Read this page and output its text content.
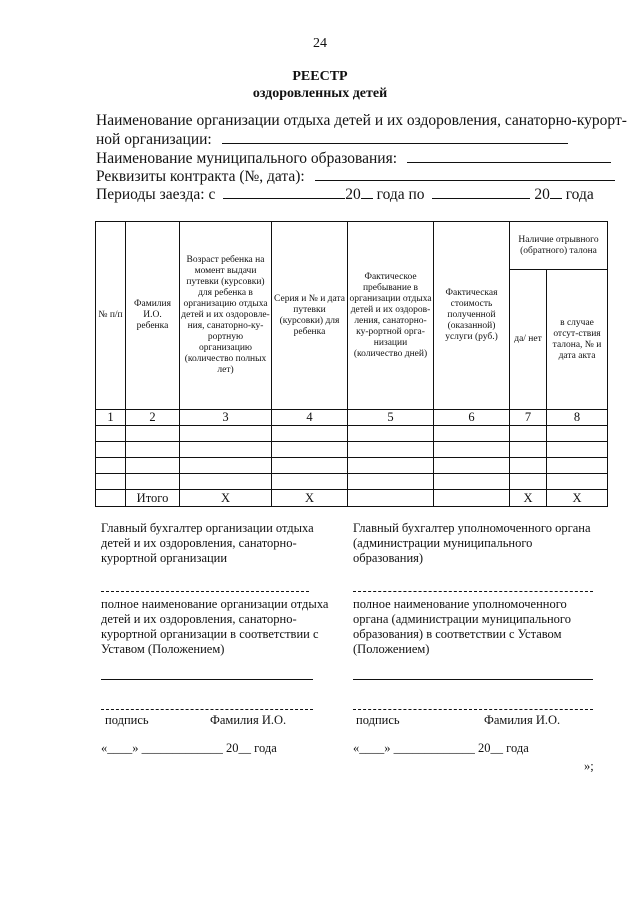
24
РЕЕСТР
оздоровленных детей
Наименование организации отдыха детей и их оздоровления, санаторно-курорт-
ной организации:
Наименование муниципального образования:
Реквизиты контракта (№, дата):
Периоды заезда: с	20 года по	20 года
№ п/п	Фамилия И.О. ребенка	Возраст ребенка на момент выдачи путевки (курсовки) для ребенка в организацию отдыха детей и их оздоровле-ния, санаторно-ку-рортную организацию (количество полных лет)	Серия и № и дата путевки (курсовки) для ребенка	Фактическое пребывание в организации отдыха детей и их оздоров-ления, санаторно-ку-рортной орга-низации (количество дней)	Фактическая стоимость полученной (оказанной) услуги (руб.)	Наличие отрывного (обратного) талона	
						да/ нет	в случае отсут-ствия талона, № и дата акта
1	2	3	4	5	6	7	8

	Итого	Х	Х			Х	Х
Главный бухгалтер организации отдыха детей и их оздоровления, санаторно-курортной организации
полное наименование организации отдыха детей и их оздоровления, санаторно-курортной организации в соответствии с Уставом (Положением)
подпись	Фамилия И.О.
«____» _____________ 20__ года
Главный бухгалтер уполномоченного органа (администрации муниципального образования)
полное наименование уполномоченного органа (администрации муниципального образования) в соответствии с Уставом (Положением)
подпись	Фамилия И.О.
«____» _____________ 20__ года
»;
